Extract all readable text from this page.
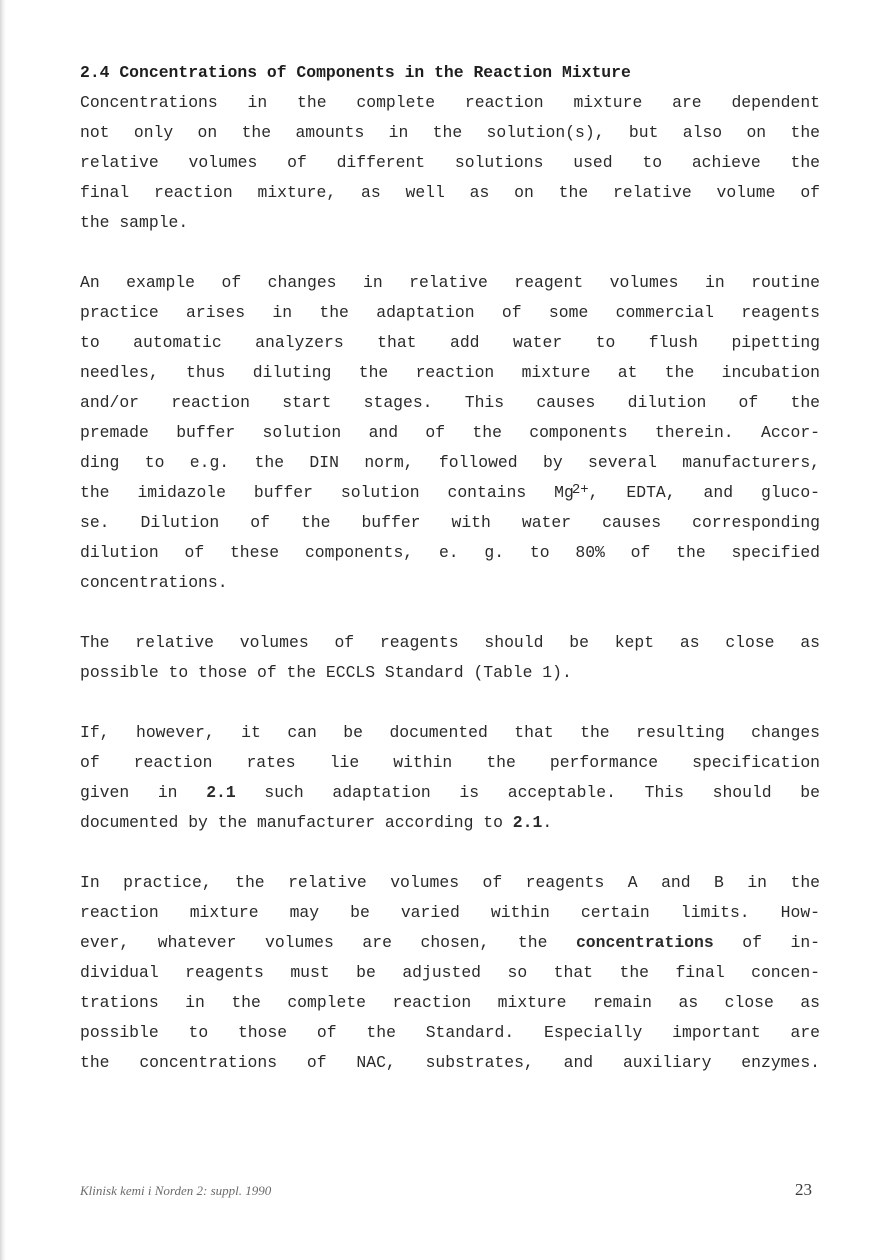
2.4 Concentrations of Components in the Reaction Mixture

Concentrations in the complete reaction mixture are dependent
not only on the amounts in the solution(s), but also on the
relative volumes of different solutions used to achieve the
final reaction mixture, as well as on the relative volume of
the sample.
An example of changes in relative reagent volumes in routine
practice arises in the adaptation of some commercial reagents
to automatic analyzers that add water to flush pipetting
needles, thus diluting the reaction mixture at the incubation
and/or reaction start stages. This causes dilution of the
premade buffer solution and of the components therein. Accor-
ding to e.g. the DIN norm, followed by several manufacturers,
the imidazole buffer solution contains $Mg^{2+}$, EDTA, and gluco-
se. Dilution of the buffer with water causes corresponding
dilution of these components, e. g. to 80% of the specified
concentrations.
The relative volumes of reagents should be kept as close as
possible to those of the ECCLS Standard (Table 1).
If, however, it can be documented that the resulting changes
of reaction rates lie within the performance specification
given in 2.1 such adaptation is acceptable. This should be
documented by the manufacturer according to 2.1.
In practice, the relative volumes of reagents A and B in the
reaction mixture may be varied within certain limits. How-
ever, whatever volumes are chosen, the concentrations of in-
dividual reagents must be adjusted so that the final concen-
trations in the complete reaction mixture remain as close as
possible to those of the Standard. Especially important are
the concentrations of NAC, substrates, and auxiliary enzymes.
Klinisk kemi i Norden 2: suppl. 1990	23
